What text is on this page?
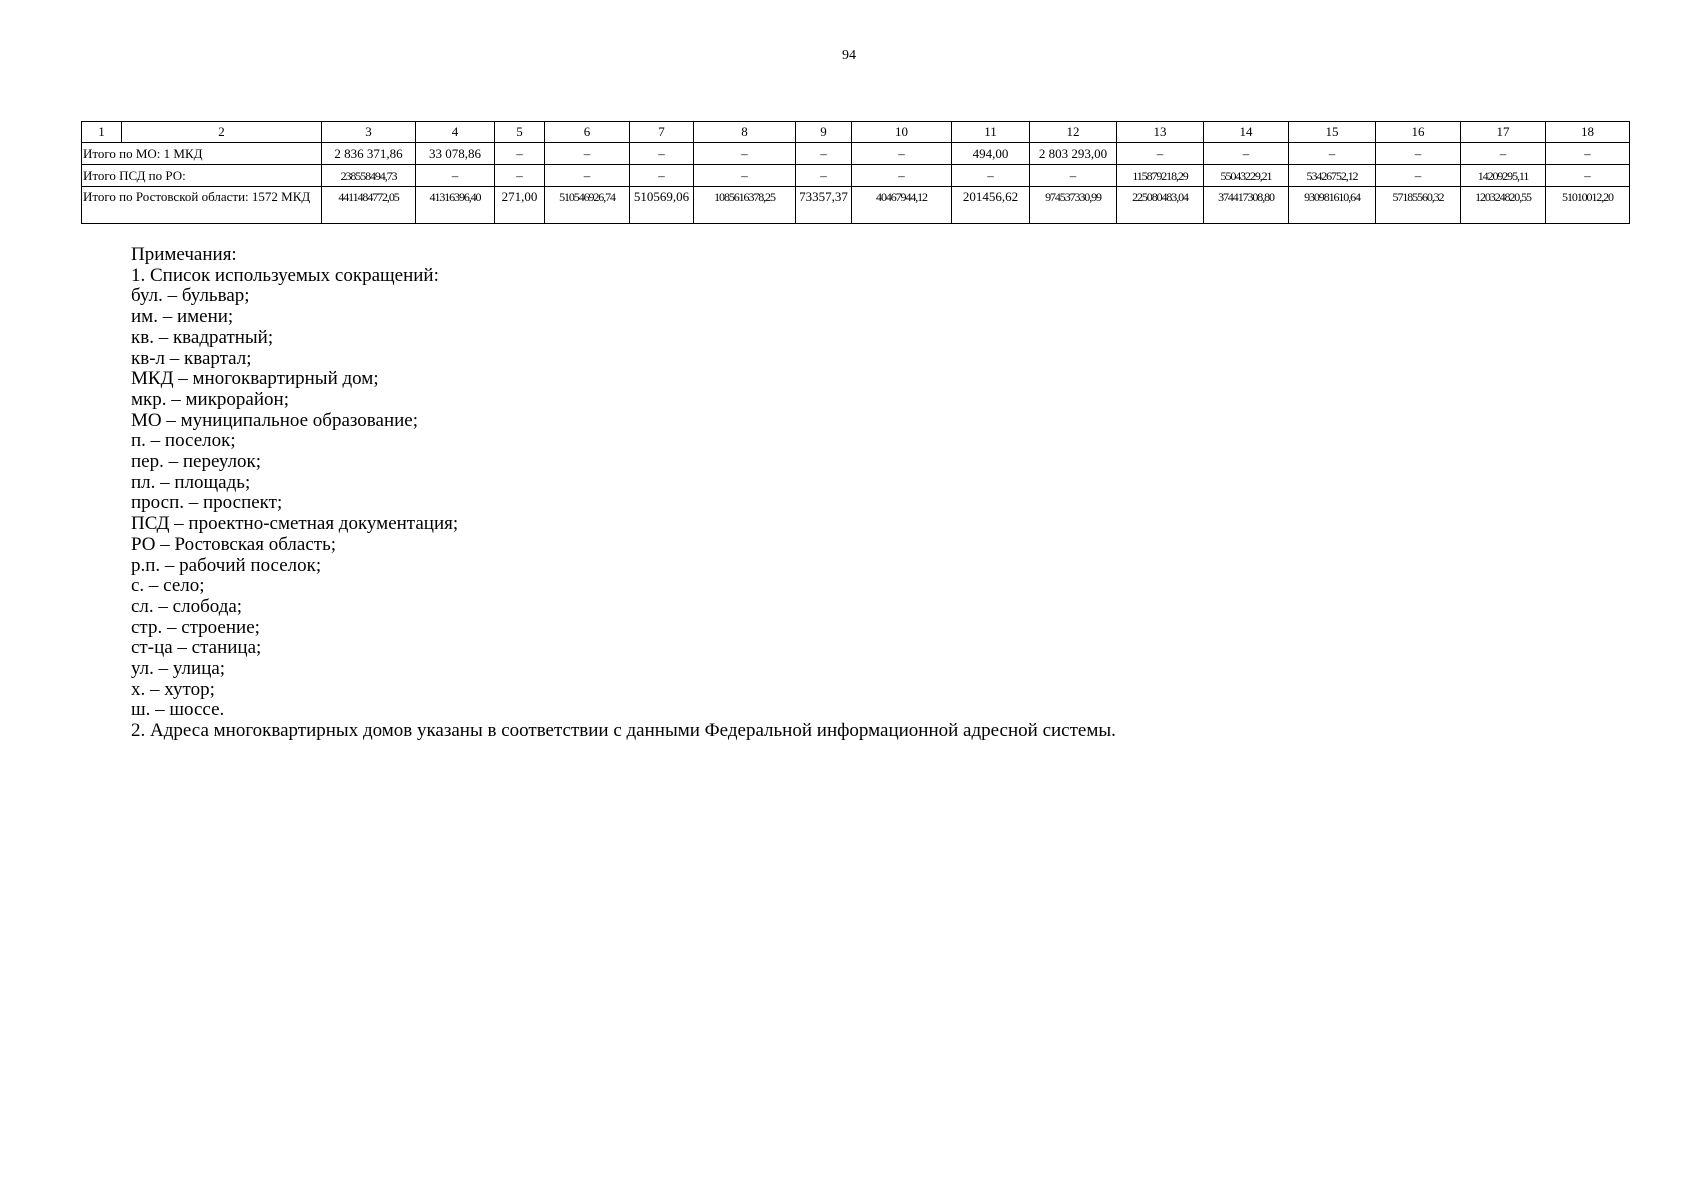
94
1	2	3	4	5	6	7	8	9	10	11	12	13	14	15	16	17	18
Итого по МО: 1 МКД		2 836 371,86	33 078,86	–	–	–	–	–	–	494,00	2 803 293,00	–	–	–	–	–	–
Итого ПСД по РО:		238558494,73	–	–	–	–	–	–	–	–	–	115879218,29	55043229,21	53426752,12	–	14209295,11	–
Итого по Ростовской области: 1572 МКД		4411484772,05	41316396,40	271,00	510546926,74	510569,06	1085616378,25	73357,37	40467944,12	201456,62	974537330,99	225080483,04	374417308,80	930981610,64	57185560,32	120324820,55	51010012,20
Примечания:
1. Список используемых сокращений:
бул. – бульвар;
им. – имени;
кв. – квадратный;
кв-л – квартал;
МКД – многоквартирный дом;
мкр. – микрорайон;
МО – муниципальное образование;
п. – поселок;
пер. – переулок;
пл. – площадь;
просп. – проспект;
ПСД – проектно-сметная документация;
РО – Ростовская область;
р.п. – рабочий поселок;
с. – село;
сл. – слобода;
стр. – строение;
ст-ца – станица;
ул. – улица;
х. – хутор;
ш. – шоссе.
2. Адреса многоквартирных домов указаны в соответствии с данными Федеральной информационной адресной системы.
